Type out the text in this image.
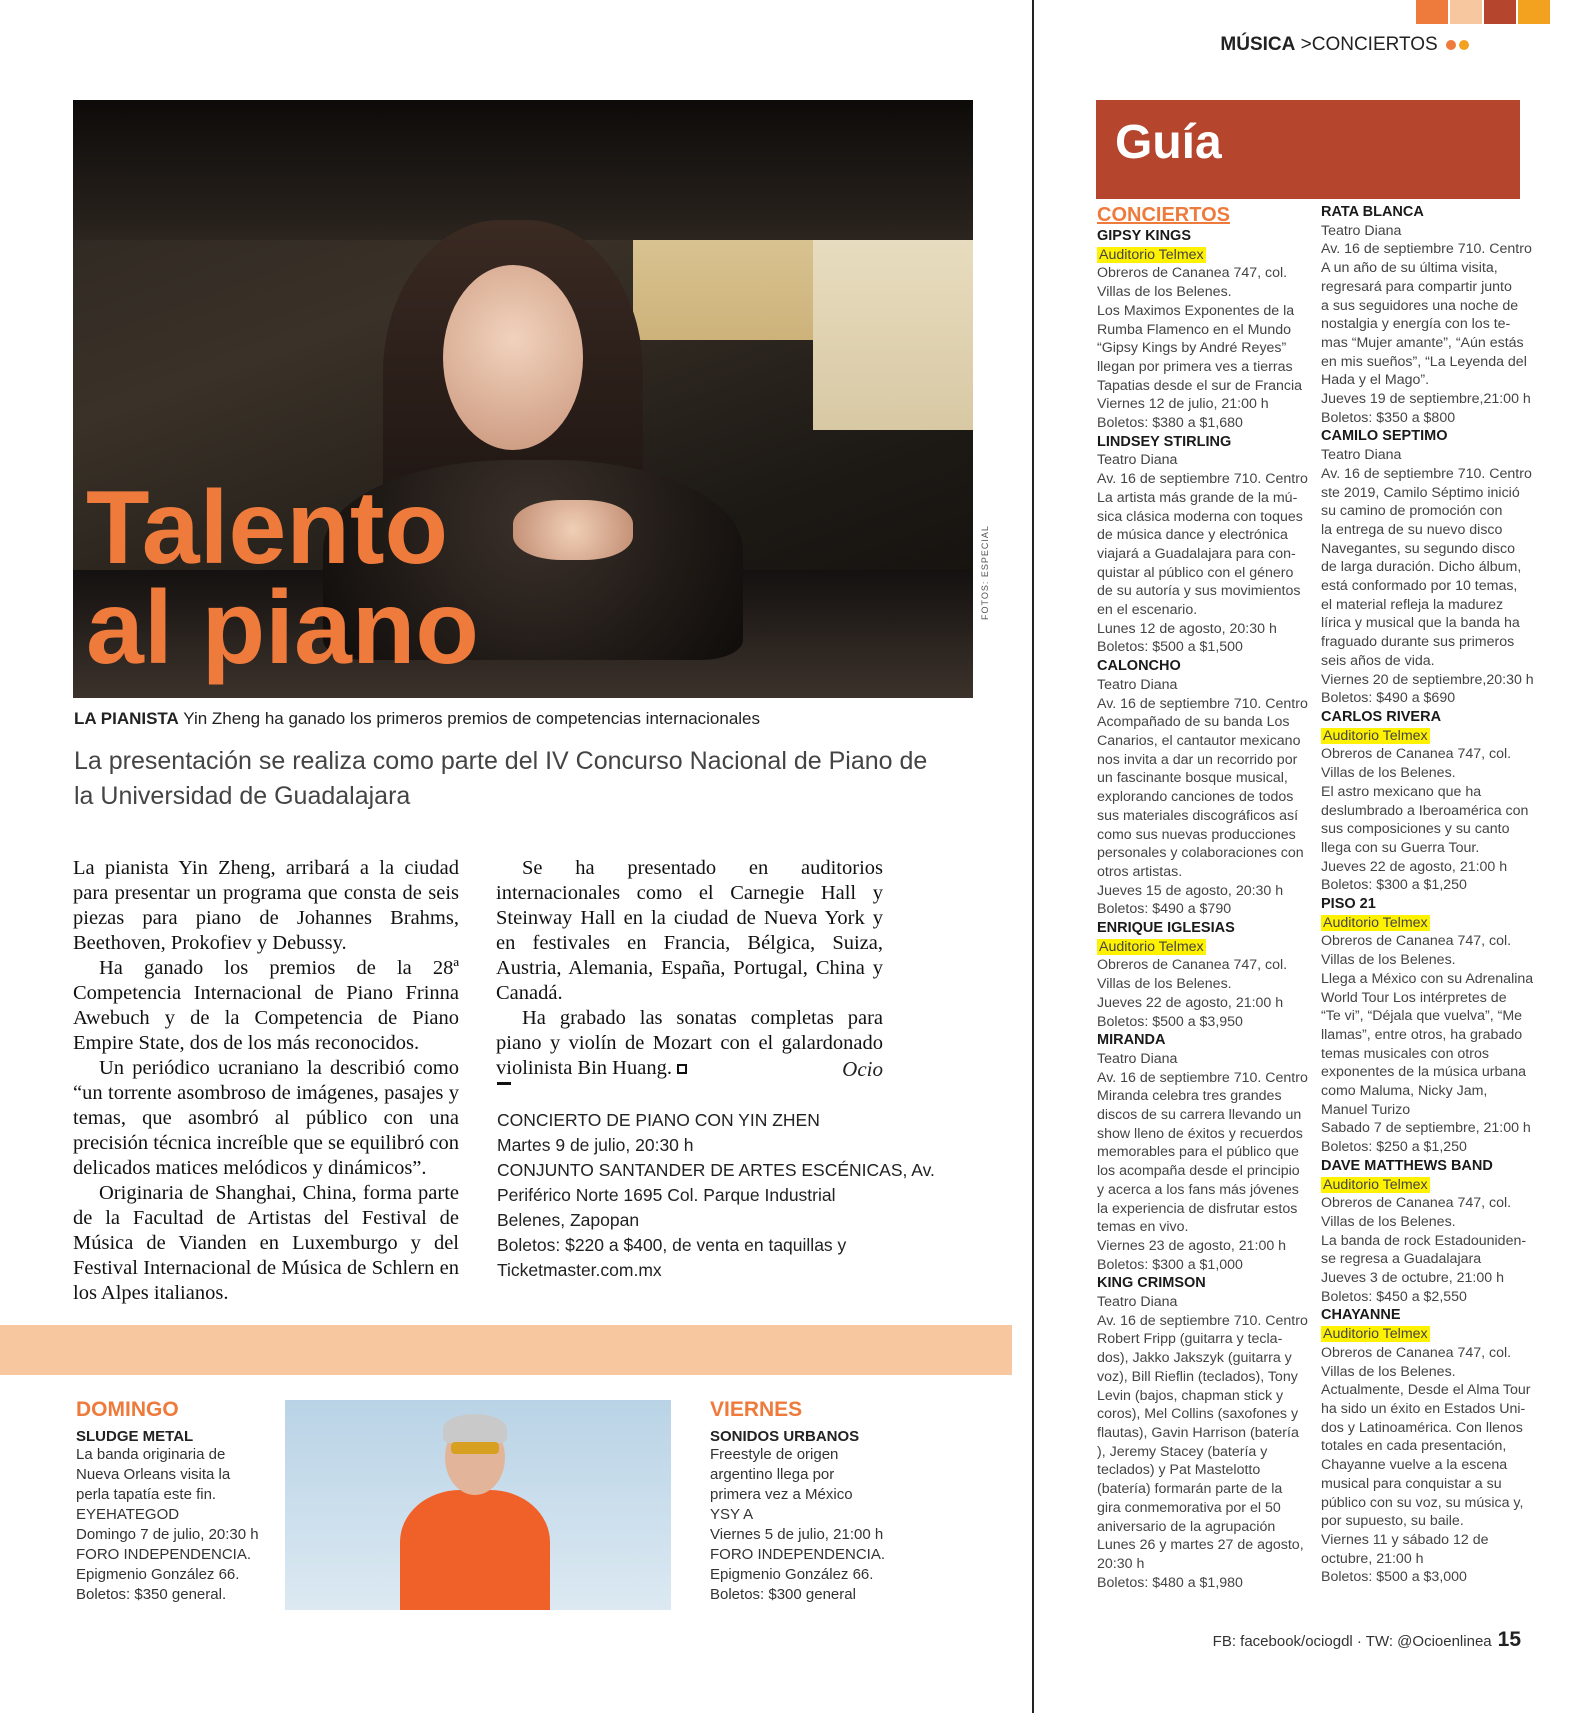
MÚSICA >CONCIERTOS
Talento
al piano	FOTOS: ESPECIAL
LA PIANISTA Yin Zheng ha ganado los primeros premios de competencias internacionales
La presentación se realiza como parte del IV Concurso Nacional de Piano de la Universidad de Guadalajara

La pianista Yin Zheng, arribará a la ciudad para presentar un programa que consta de seis piezas para piano de Johannes Brahms, Beethoven, Prokofiev y Debussy.

Ha ganado los premios de la 28ª Competencia Internacional de Piano Frinna Awebuch y de la Competencia de Piano Empire State, dos de los más reconocidos.

Un periódico ucraniano la describió como “un torrente asombroso de imágenes, pasajes y temas, que asombró al público con una precisión técnica increíble que se equilibró con delicados matices melódicos y dinámicos”.

Originaria de Shanghai, China, forma parte de la Facultad de Artistas del Festival de Música de Vianden en Luxemburgo y del Festival Internacional de Música de Schlern en los Alpes italianos.

Se ha presentado en auditorios internacionales como el Carnegie Hall y Steinway Hall en la ciudad de Nueva York y en festivales en Francia, Bélgica, Suiza, Austria, Alemania, España, Portugal, China y Canadá.

Ha grabado las sonatas completas para piano y violín de Mozart con el galardonado violinista Bin Huang.	Ocio
CONCIERTO DE PIANO CON YIN ZHEN
Martes 9 de julio, 20:30 h
CONJUNTO SANTANDER DE ARTES ESCÉNICAS, Av.
Periférico Norte 1695 Col. Parque Industrial
Belenes, Zapopan
Boletos: $220 a $400, de venta en taquillas y
Ticketmaster.com.mx
DOMINGO
SLUDGE METAL
La banda originaria de
Nueva Orleans visita la
perla tapatía este fin.
EYEHATEGOD
Domingo 7 de julio, 20:30 h
FORO INDEPENDENCIA.
Epigmenio González 66.
Boletos: $350 general.
VIERNES
SONIDOS URBANOS
Freestyle de origen
argentino llega por
primera vez a México
YSY A
Viernes 5 de julio, 21:00 h
FORO INDEPENDENCIA.
Epigmenio González 66.
Boletos: $300 general
Guía
CONCIERTOS
GIPSY KINGS
Auditorio Telmex
Obreros de Cananea 747, col.
Villas de los Belenes.
Los Maximos Exponentes de la
Rumba Flamenco en el Mundo
“Gipsy Kings by André Reyes”
llegan por primera ves a tierras
Tapatias desde el sur de Francia
Viernes 12 de julio, 21:00 h
Boletos: $380 a $1,680
LINDSEY STIRLING
Teatro Diana
Av. 16 de septiembre 710. Centro
La artista más grande de la mú-
sica clásica moderna con toques
de música dance y electrónica
viajará a Guadalajara para con-
quistar al público con el género
de su autoría y sus movimientos
en el escenario.
Lunes 12 de agosto, 20:30 h
Boletos: $500 a $1,500
CALONCHO
Teatro Diana
Av. 16 de septiembre 710. Centro
Acompañado de su banda Los
Canarios, el cantautor mexicano
nos invita a dar un recorrido por
un fascinante bosque musical,
explorando canciones de todos
sus materiales discográficos así
como sus nuevas producciones
personales y colaboraciones con
otros artistas.
Jueves 15 de agosto, 20:30 h
Boletos: $490 a $790
ENRIQUE IGLESIAS
Auditorio Telmex
Obreros de Cananea 747, col.
Villas de los Belenes.
Jueves 22 de agosto, 21:00 h
Boletos: $500 a $3,950
MIRANDA
Teatro Diana
Av. 16 de septiembre 710. Centro
Miranda celebra tres grandes
discos de su carrera llevando un
show lleno de éxitos y recuerdos
memorables para el público que
los acompaña desde el principio
y acerca a los fans más jóvenes
la experiencia de disfrutar estos
temas en vivo.
Viernes 23 de agosto, 21:00 h
Boletos: $300 a $1,000
KING CRIMSON
Teatro Diana
Av. 16 de septiembre 710. Centro
Robert Fripp (guitarra y tecla-
dos), Jakko Jakszyk (guitarra y
voz), Bill Rieflin (teclados), Tony
Levin (bajos, chapman stick y
coros), Mel Collins (saxofones y
flautas), Gavin Harrison (batería
), Jeremy Stacey (batería y
teclados) y Pat Mastelotto
(batería) formarán parte de la
gira conmemorativa por el 50
aniversario de la agrupación
Lunes 26 y martes 27 de agosto,
20:30 h
Boletos: $480 a $1,980
RATA BLANCA
Teatro Diana
Av. 16 de septiembre 710. Centro
A un año de su última visita,
regresará para compartir junto
a sus seguidores una noche de
nostalgia y energía con los te-
mas “Mujer amante”, “Aún estás
en mis sueños”, “La Leyenda del
Hada y el Mago”.
Jueves 19 de septiembre,21:00 h
Boletos: $350 a $800
CAMILO SEPTIMO
Teatro Diana
Av. 16 de septiembre 710. Centro
ste 2019, Camilo Séptimo inició
su camino de promoción con
la entrega de su nuevo disco
Navegantes, su segundo disco
de larga duración. Dicho álbum,
está conformado por 10 temas,
el material refleja la madurez
lírica y musical que la banda ha
fraguado durante sus primeros
seis años de vida.
Viernes 20 de septiembre,20:30 h
Boletos: $490 a $690
CARLOS RIVERA
Auditorio Telmex
Obreros de Cananea 747, col.
Villas de los Belenes.
El astro mexicano que ha
deslumbrado a Iberoamérica con
sus composiciones y su canto
llega con su Guerra Tour.
Jueves 22 de agosto, 21:00 h
Boletos: $300 a $1,250
PISO 21
Auditorio Telmex
Obreros de Cananea 747, col.
Villas de los Belenes.
Llega a México con su Adrenalina
World Tour Los intérpretes de
“Te vi”, “Déjala que vuelva”, “Me
llamas”, entre otros, ha grabado
temas musicales con otros
exponentes de la música urbana
como Maluma, Nicky Jam,
Manuel Turizo
Sabado 7 de septiembre, 21:00 h
Boletos: $250 a $1,250
DAVE MATTHEWS BAND
Auditorio Telmex
Obreros de Cananea 747, col.
Villas de los Belenes.
La banda de rock Estadouniden-
se regresa a Guadalajara
Jueves 3 de octubre, 21:00 h
Boletos: $450 a $2,550
CHAYANNE
Auditorio Telmex
Obreros de Cananea 747, col.
Villas de los Belenes.
Actualmente, Desde el Alma Tour
ha sido un éxito en Estados Uni-
dos y Latinoamérica. Con llenos
totales en cada presentación,
Chayanne vuelve a la escena
musical para conquistar a su
público con su voz, su música y,
por supuesto, su baile.
Viernes 11 y sábado 12 de
octubre, 21:00 h
Boletos: $500 a $3,000
FB: facebook/ociogdl · TW: @Ocioenlinea 15
